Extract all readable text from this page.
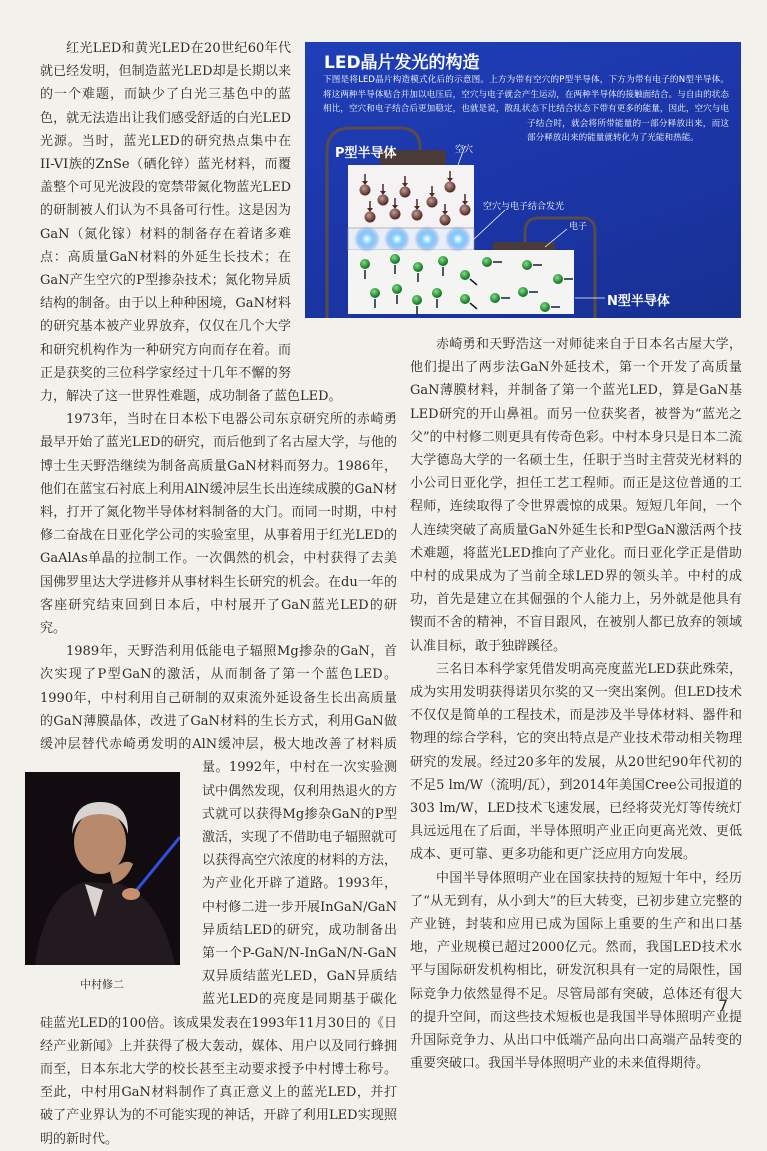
LED晶片发光的构造
下图是将LED晶片构造模式化后的示意图。上方为带有空穴的P型半导体，下方为带有电子的N型半导体。将这两种半导体贴合并加以电压后，空穴与电子就会产生运动，在两种半导体的接触面结合。与自由的状态相比，空穴和电子结合后更加稳定，也就是说，散乱状态下比结合状态下带有更多的能量，因此，空穴与电子结合时，就会将所带能量的一部分释放出来，而这部分释放出来的能量就转化为了光能和热能。
P型半导体	空穴
空穴与电子结合发光
电子
N型半导体

红光LED和黄光LED在20世纪60年代就已经发明，但制造蓝光LED却是长期以来的一个难题，而缺少了白光三基色中的蓝色，就无法造出让我们感受舒适的白光LED光源。当时，蓝光LED的研究热点集中在II-VI族的ZnSe（硒化锌）蓝光材料，而覆盖整个可见光波段的宽禁带氮化物蓝光LED的研制被人们认为不具备可行性。这是因为GaN（氮化镓）材料的制备存在着诸多难点：高质量GaN材料的外延生长技术；在GaN产生空穴的P型掺杂技术；氮化物异质结构的制备。由于以上种种困境，GaN材料的研究基本被产业界放弃，仅仅在几个大学和研究机构作为一种研究方向而存在着。而正是获奖的三位科学家经过十几年不懈的努力，解决了这一世界性难题，成功制备了蓝色LED。

1973年，当时在日本松下电器公司东京研究所的赤崎勇最早开始了蓝光LED的研究，而后他到了名古屋大学，与他的博士生天野浩继续为制备高质量GaN材料而努力。1986年，他们在蓝宝石衬底上利用AlN缓冲层生长出连续成膜的GaN材料，打开了氮化物半导体材料制备的大门。而同一时期，中村修二奋战在日亚化学公司的实验室里，从事着用于红光LED的GaAlAs单晶的拉制工作。一次偶然的机会，中村获得了去美国佛罗里达大学进修并从事材料生长研究的机会。在du一年的客座研究结束回到日本后，中村展开了GaN蓝光LED的研究。

1989年，天野浩利用低能电子辐照Mg掺杂的GaN，首次实现了P型GaN的激活，从而制备了第一个蓝色LED。1990年，中村利用自己研制的双束流外延设备生长出高质量的GaN薄膜晶体，改进了GaN材料的生长方式，利用GaN做缓冲层替代赤崎勇发明的AlN缓冲层，极大地改善了材料质量。1992年，中村在一次实验测试中偶然发现，仅利用热退火的方式就可以获得Mg掺杂GaN的P型激活，实现了不借助电子辐照就可以获得高空穴浓度的材料的方法，为产业化开辟了道路。1993年，中村修二进一步开展InGaN/GaN异质结LED的研究，成功制备出第一个P-GaN/N-InGaN/N-GaN双异质结蓝光LED，GaN异质结蓝光LED的亮度是同期基于碳化硅蓝光LED的100倍。该成果发表在1993年11月30日的《日经产业新闻》上并获得了极大轰动，媒体、用户以及同行蜂拥而至，日本东北大学的校长甚至主动要求授予中村博士称号。至此，中村用GaN材料制作了真正意义上的蓝光LED，并打破了产业界认为的不可能实现的神话，开辟了利用LED实现照明的新时代。

中村修二

赤崎勇和天野浩这一对师徒来自于日本名古屋大学，他们提出了两步法GaN外延技术，第一个开发了高质量GaN薄膜材料，并制备了第一个蓝光LED，算是GaN基LED研究的开山鼻祖。而另一位获奖者，被誉为“蓝光之父”的中村修二则更具有传奇色彩。中村本身只是日本二流大学德岛大学的一名硕士生，任职于当时主营荧光材料的小公司日亚化学，担任工艺工程师。而正是这位普通的工程师，连续取得了令世界震惊的成果。短短几年间，一个人连续突破了高质量GaN外延生长和P型GaN激活两个技术难题，将蓝光LED推向了产业化。而日亚化学正是借助中村的成果成为了当前全球LED界的领头羊。中村的成功，首先是建立在其倔强的个人能力上，另外就是他具有锲而不舍的精神，不盲目跟风，在被别人都已放弃的领域认准目标，敢于独辟蹊径。

三名日本科学家凭借发明高亮度蓝光LED获此殊荣，成为实用发明获得诺贝尔奖的又一突出案例。但LED技术不仅仅是简单的工程技术，而是涉及半导体材料、器件和物理的综合学科，它的突出特点是产业技术带动相关物理研究的发展。经过20多年的发展，从20世纪90年代初的不足5 lm/W（流明/瓦），到2014年美国Cree公司报道的303 lm/W，LED技术飞速发展，已经将荧光灯等传统灯具远远甩在了后面，半导体照明产业正向更高光效、更低成本、更可靠、更多功能和更广泛应用方向发展。

中国半导体照明产业在国家扶持的短短十年中，经历了“从无到有，从小到大”的巨大转变，已初步建立完整的产业链，封装和应用已成为国际上重要的生产和出口基地，产业规模已超过2000亿元。然而，我国LED技术水平与国际研发机构相比，研发沉积具有一定的局限性，国际竞争力依然显得不足。尽管局部有突破，总体还有很大的提升空间，而这些技术短板也是我国半导体照明产业提升国际竞争力、从出口中低端产品向出口高端产品转变的重要突破口。我国半导体照明产业的未来值得期待。

7
